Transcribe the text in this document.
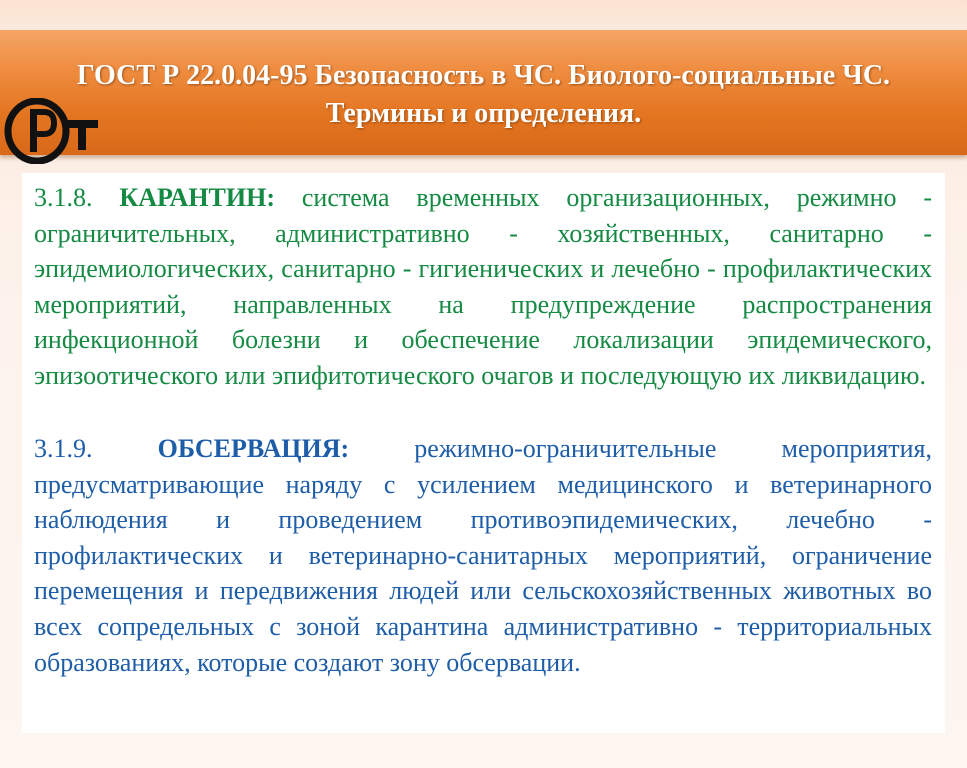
ГОСТ Р 22.0.04-95 Безопасность в ЧС. Биолого-социальные ЧС. Термины и определения.

3.1.8. КАРАНТИН: система временных организационных, режимно - ограничительных, административно - хозяйственных, санитарно - эпидемиологических, санитарно - гигиенических и лечебно - профилактических мероприятий, направленных на предупреждение распространения инфекционной болезни и обеспечение локализации эпидемического, эпизоотического или эпифитотического очагов и последующую их ликвидацию.

3.1.9.	ОБСЕРВАЦИЯ:	режимно-ограничительные мероприятия, предусматривающие наряду с усилением медицинского и ветеринарного наблюдения и проведением противоэпидемических, лечебно - профилактических и ветеринарно-санитарных мероприятий, ограничение перемещения и передвижения людей или сельскохозяйственных животных во всех сопредельных с зоной карантина административно - территориальных образованиях, которые создают зону обсервации.
